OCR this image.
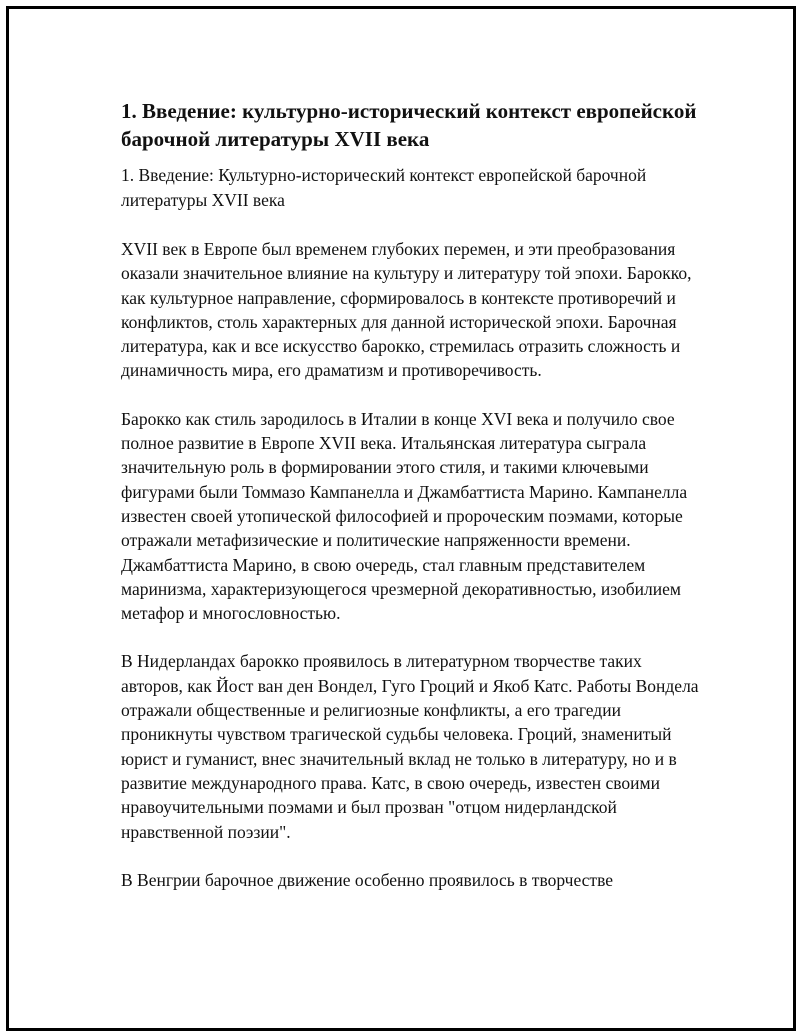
1. Введение: культурно-исторический контекст европейской барочной литературы XVII века
1. Введение: Культурно-исторический контекст европейской барочной литературы XVII века

XVII век в Европе был временем глубоких перемен, и эти преобразования оказали значительное влияние на культуру и литературу той эпохи. Барокко, как культурное направление, сформировалось в контексте противоречий и конфликтов, столь характерных для данной исторической эпохи. Барочная литература, как и все искусство барокко, стремилась отразить сложность и динамичность мира, его драматизм и противоречивость.

Барокко как стиль зародилось в Италии в конце XVI века и получило свое полное развитие в Европе XVII века. Итальянская литература сыграла значительную роль в формировании этого стиля, и такими ключевыми фигурами были Томмазо Кампанелла и Джамбаттиста Марино. Кампанелла известен своей утопической философией и пророческим поэмами, которые отражали метафизические и политические напряженности времени. Джамбаттиста Марино, в свою очередь, стал главным представителем маринизма, характеризующегося чрезмерной декоративностью, изобилием метафор и многословностью.

В Нидерландах барокко проявилось в литературном творчестве таких авторов, как Йост ван ден Вондел, Гуго Гроций и Якоб Катс. Работы Вондела отражали общественные и религиозные конфликты, а его трагедии проникнуты чувством трагической судьбы человека. Гроций, знаменитый юрист и гуманист, внес значительный вклад не только в литературу, но и в развитие международного права. Катс, в свою очередь, известен своими нравоучительными поэмами и был прозван "отцом нидерландской нравственной поэзии".

В Венгрии барочное движение особенно проявилось в творчестве
